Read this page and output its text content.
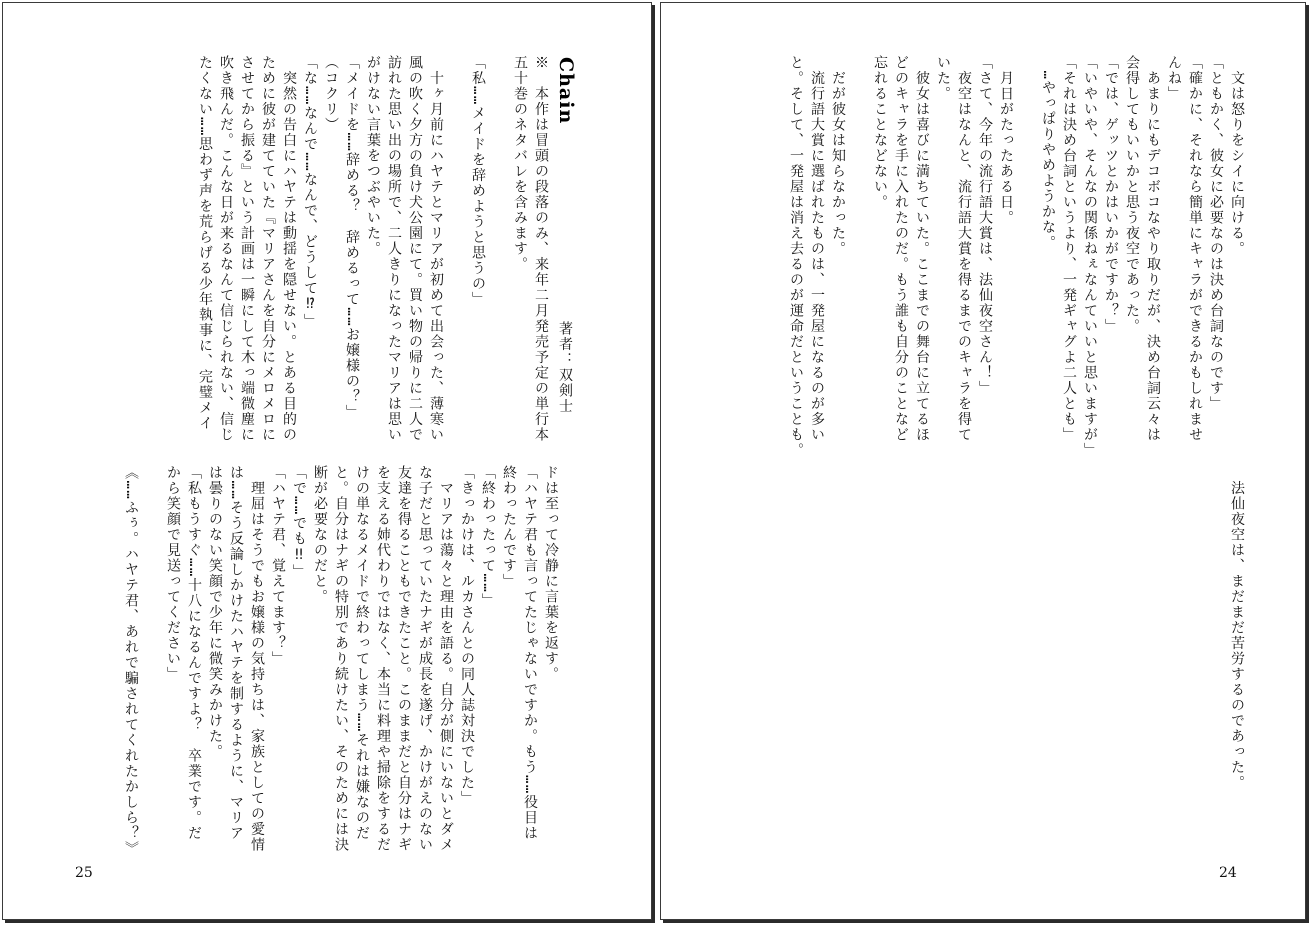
Chain
著者：双剣士
※　本作は冒頭の段落のみ、来年二月発売予定の単行本
五十巻のネタバレを含みます。

「私……メイドを辞めようと思うの」

　十ヶ月前にハヤテとマリアが初めて出会った、薄寒い
風の吹く夕方の負け犬公園にて。買い物の帰りに二人で
訪れた思い出の場所で、二人きりになったマリアは思い
がけない言葉をつぶやいた。
「メイドを……辞める？　辞めるって……お嬢様の？」
（コクリ）
「な……なんで……なんで、どうして⁉」
　突然の告白にハヤテは動揺を隠せない。とある目的の
ために彼が建てていた『マリアさんを自分にメロメロに
させてから振る』という計画は一瞬にして木っ端微塵に
吹き飛んだ。こんな日が来るなんて信じられない、信じ
たくない……思わず声を荒らげる少年執事に、完璧メイ
ドは至って冷静に言葉を返す。
「ハヤテ君も言ってたじゃないですか。もう……役目は
終わったんです」
「終わったって……」
「きっかけは、ルカさんとの同人誌対決でした」
　マリアは蕩々と理由を語る。自分が側にいないとダメ
な子だと思っていたナギが成長を遂げ、かけがえのない
友達を得ることもできたこと。このままだと自分はナギ
を支える姉代わりではなく、本当に料理や掃除をするだ
けの単なるメイドで終わってしまう……それは嫌なのだ
と。自分はナギの特別であり続けたい、そのためには決
断が必要なのだと。
「で……でも‼」
「ハヤテ君、覚えてます？」
　理屈はそうでもお嬢様の気持ちは、家族としての愛情
は……そう反論しかけたハヤテを制するように、マリア
は曇りのない笑顔で少年に微笑みかけた。
「私もうすぐ……十八になるんですよ？　卒業です。だ
から笑顔で見送ってください」

《……ふぅ。ハヤテ君、あれで騙されてくれたかしら？》
25
　文は怒りをシイに向ける。
「ともかく、彼女に必要なのは決め台詞なのです」
「確かに、それなら簡単にキャラができるかもしれませ
んね」
　あまりにもデコボコなやり取りだが、決め台詞云々は
会得してもいいかと思う夜空であった。
「では、ゲッツとかはいかがですか？」
「いやいや、そんなの関係ねぇなんていいと思いますが」
「それは決め台詞というより、一発ギャグよ二人とも」
　…やっぱりやめようかな。

　月日がたったある日。
「さて、今年の流行語大賞は、法仙夜空さん！」
　夜空はなんと、流行語大賞を得るまでのキャラを得て
いた。
　彼女は喜びに満ちていた。ここまでの舞台に立てるほ
どのキャラを手に入れたのだ。もう誰も自分のことなど
忘れることなどない。

　だが彼女は知らなかった。
　流行語大賞に選ばれたものは、一発屋になるのが多い
と。そして、一発屋は消え去るのが運命だということも。
　法仙夜空は、まだまだ苦労するのであった。
24
